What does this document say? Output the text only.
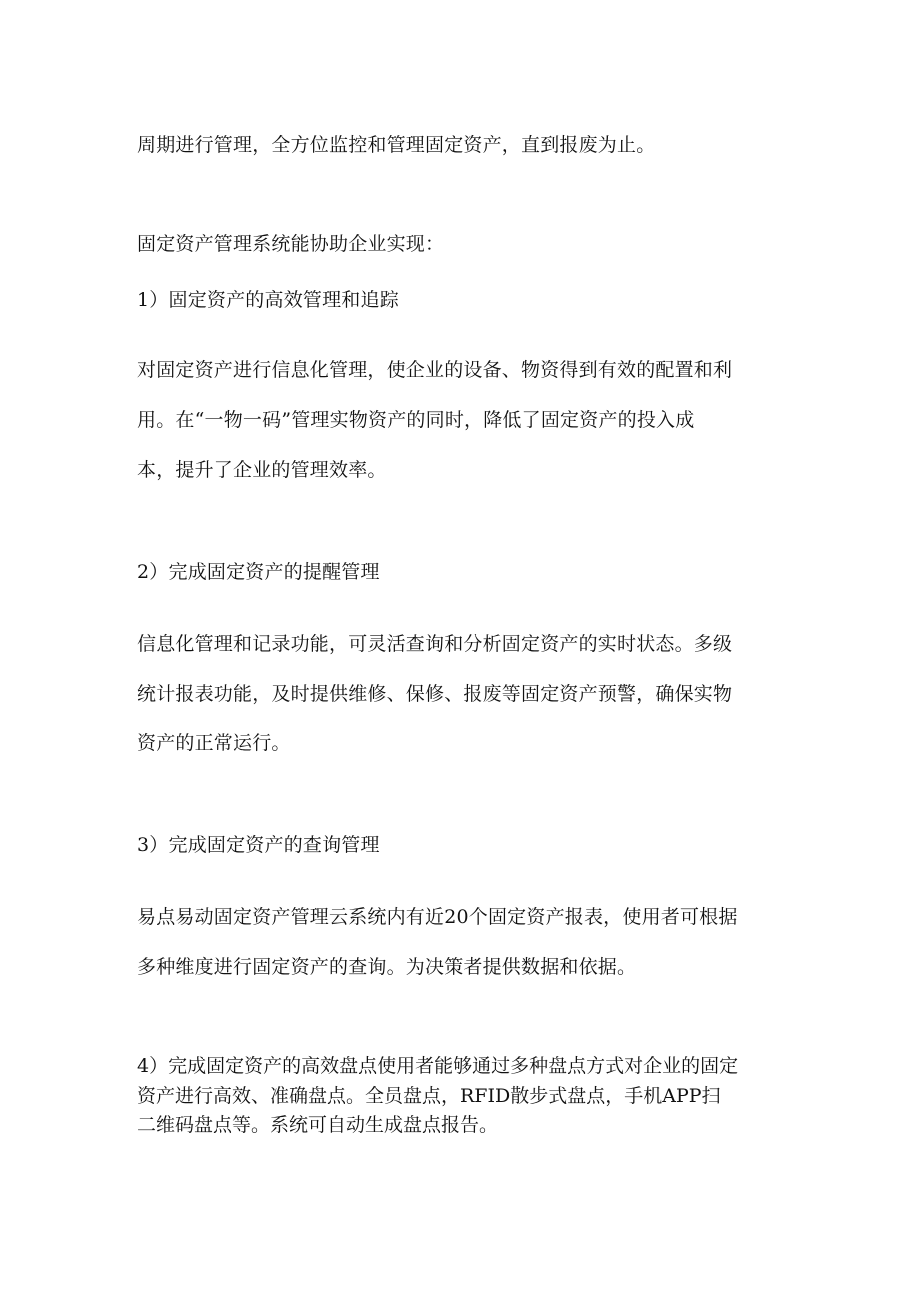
周期进行管理，全方位监控和管理固定资产，直到报废为止。
固定资产管理系统能协助企业实现：
1）固定资产的高效管理和追踪
对固定资产进行信息化管理，使企业的设备、物资得到有效的配置和利
用。在“一物一码”管理实物资产的同时，降低了固定资产的投入成
本，提升了企业的管理效率。
2）完成固定资产的提醒管理
信息化管理和记录功能，可灵活查询和分析固定资产的实时状态。多级
统计报表功能，及时提供维修、保修、报废等固定资产预警，确保实物
资产的正常运行。
3）完成固定资产的查询管理
易点易动固定资产管理云系统内有近20个固定资产报表，使用者可根据
多种维度进行固定资产的查询。为决策者提供数据和依据。
4）完成固定资产的高效盘点使用者能够通过多种盘点方式对企业的固定
资产进行高效、准确盘点。全员盘点，RFID散步式盘点，手机APP扫
二维码盘点等。系统可自动生成盘点报告。
